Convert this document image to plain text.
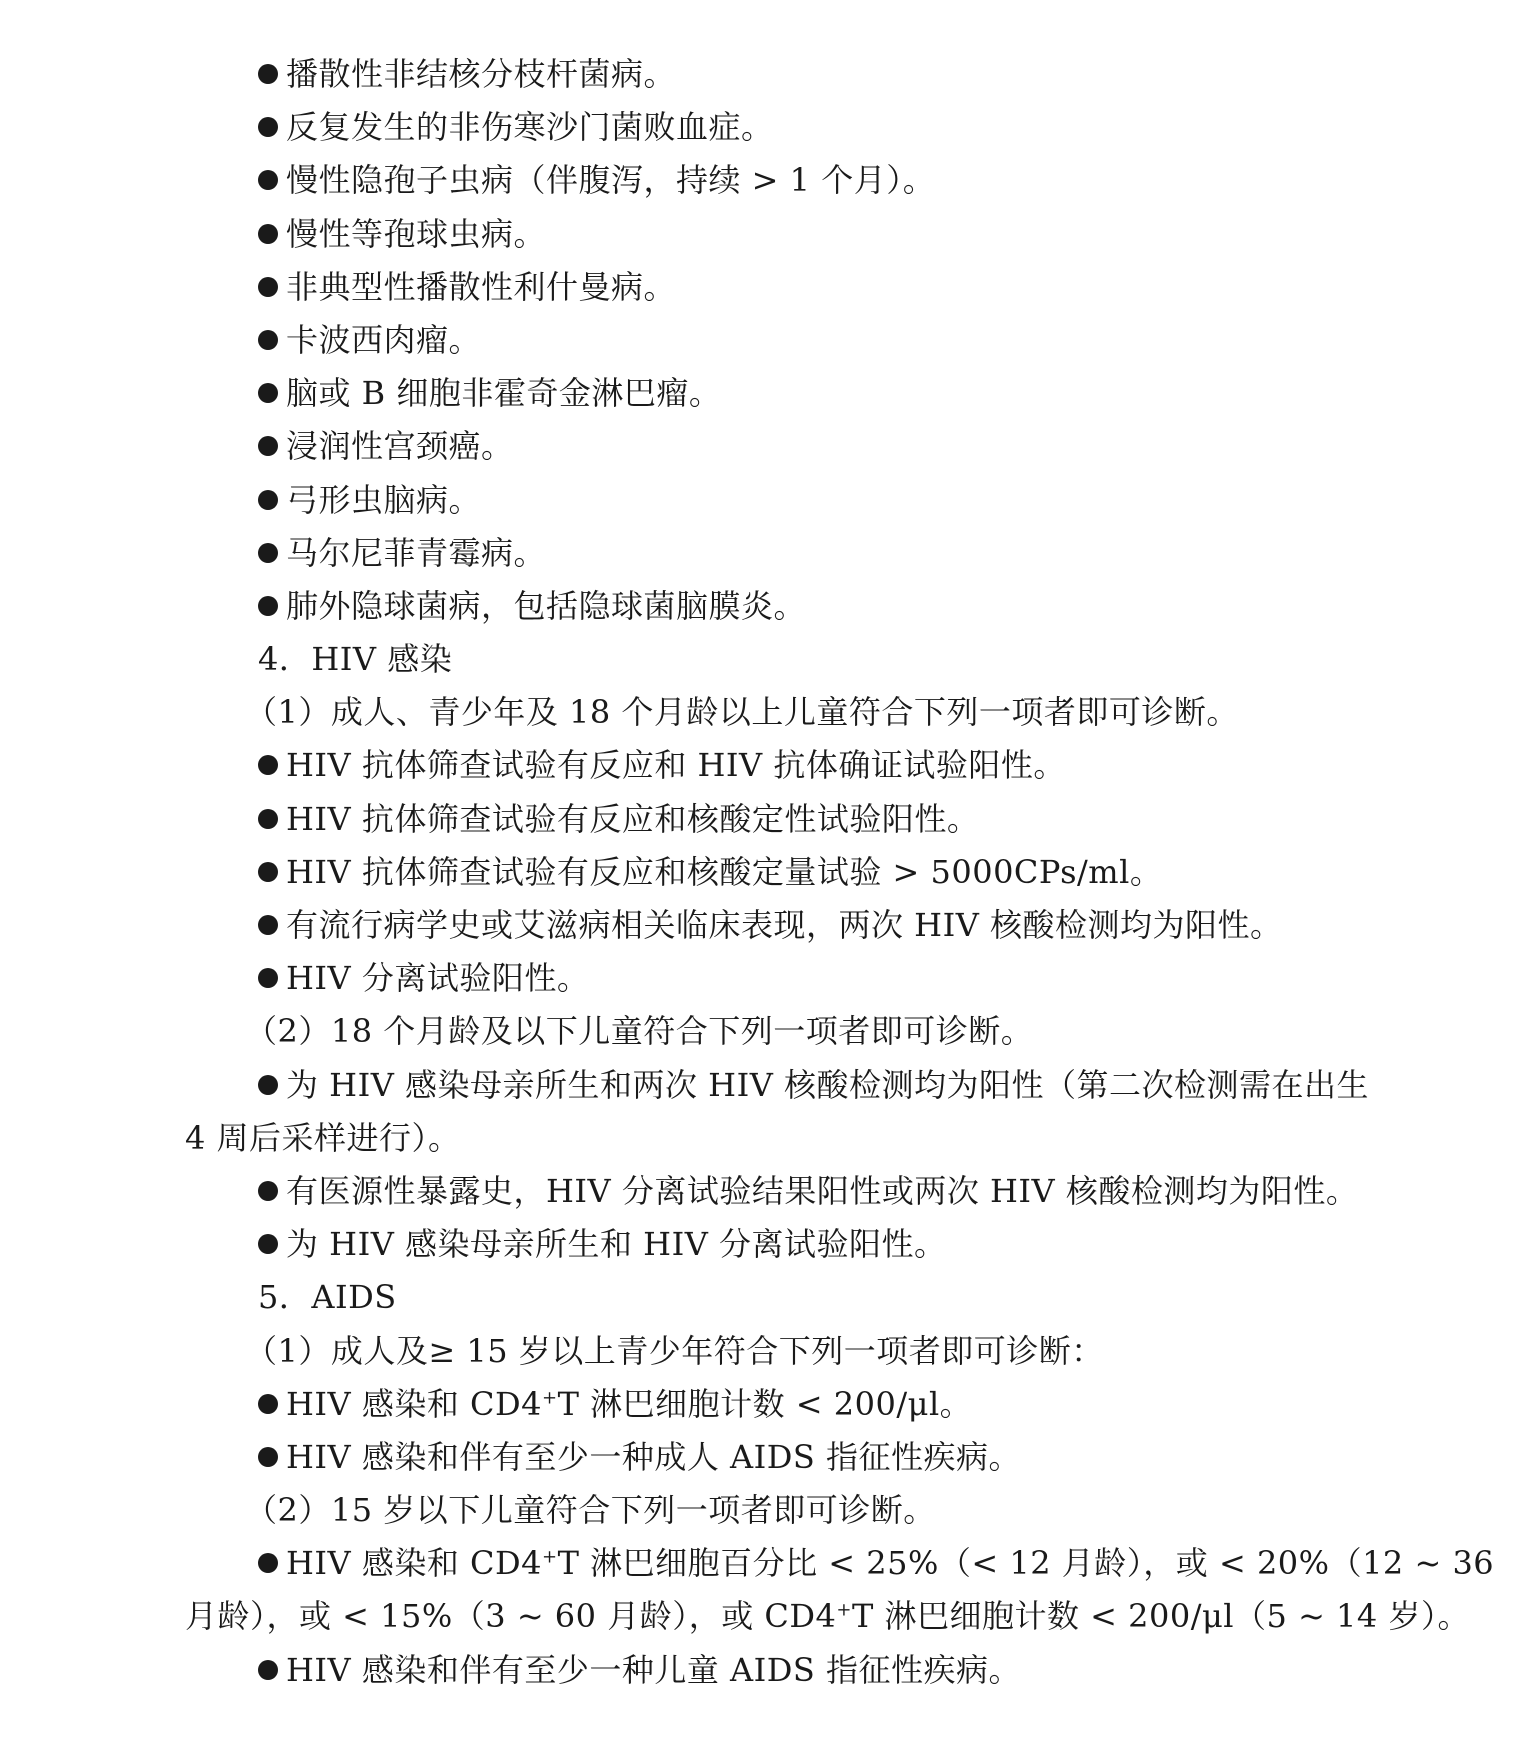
播散性非结核分枝杆菌病。
反复发生的非伤寒沙门菌败血症。
慢性隐孢子虫病（伴腹泻，持续 > 1 个月）。
慢性等孢球虫病。
非典型性播散性利什曼病。
卡波西肉瘤。
脑或 B 细胞非霍奇金淋巴瘤。
浸润性宫颈癌。
弓形虫脑病。
马尔尼菲青霉病。
肺外隐球菌病，包括隐球菌脑膜炎。
4．HIV 感染
（1）成人、青少年及 18 个月龄以上儿童符合下列一项者即可诊断。
HIV 抗体筛查试验有反应和 HIV 抗体确证试验阳性。
HIV 抗体筛查试验有反应和核酸定性试验阳性。
HIV 抗体筛查试验有反应和核酸定量试验 > 5000CPs/ml。
有流行病学史或艾滋病相关临床表现，两次 HIV 核酸检测均为阳性。
HIV 分离试验阳性。
（2）18 个月龄及以下儿童符合下列一项者即可诊断。
为 HIV 感染母亲所生和两次 HIV 核酸检测均为阳性（第二次检测需在出生
4 周后采样进行）。
有医源性暴露史，HIV 分离试验结果阳性或两次 HIV 核酸检测均为阳性。
为 HIV 感染母亲所生和 HIV 分离试验阳性。
5．AIDS
（1）成人及≥ 15 岁以上青少年符合下列一项者即可诊断：
HIV 感染和 CD4+T 淋巴细胞计数 < 200/μl。
HIV 感染和伴有至少一种成人 AIDS 指征性疾病。
（2）15 岁以下儿童符合下列一项者即可诊断。
HIV 感染和 CD4+T 淋巴细胞百分比 < 25%（< 12 月龄），或 < 20%（12 ~ 36
月龄），或 < 15%（3 ~ 60 月龄），或 CD4+T 淋巴细胞计数 < 200/μl（5 ~ 14 岁）。
HIV 感染和伴有至少一种儿童 AIDS 指征性疾病。
